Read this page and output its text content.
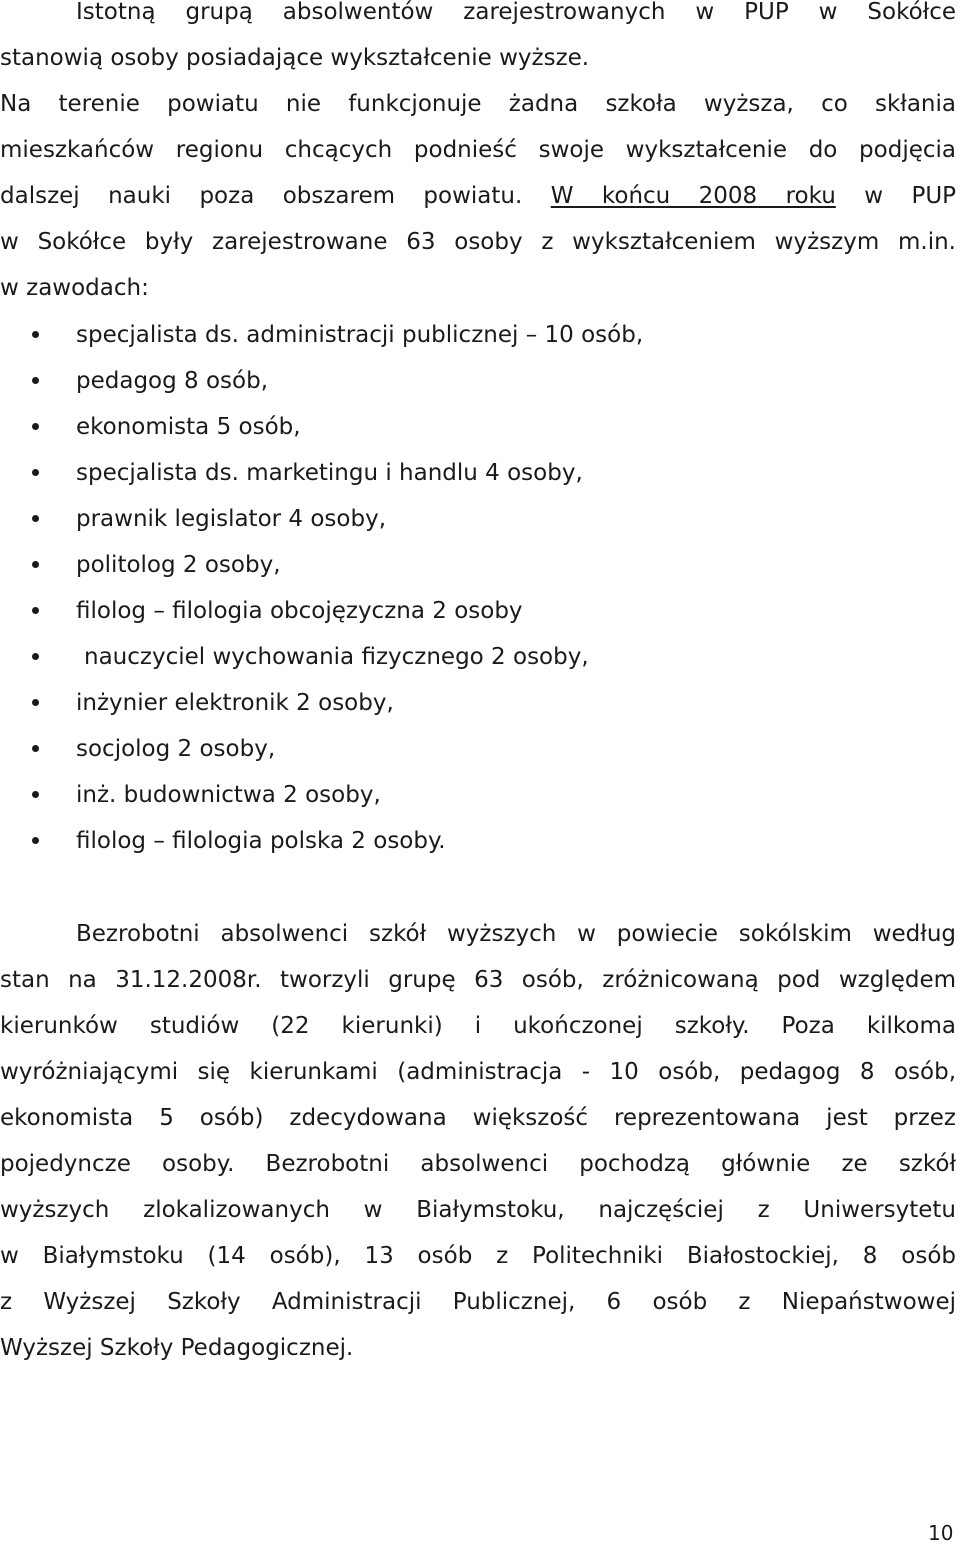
Istotną grupą absolwentów zarejestrowanych w PUP w Sokółce
stanowią osoby posiadające wykształcenie wyższe.
Na terenie powiatu nie funkcjonuje żadna szkoła wyższa, co skłania
mieszkańców regionu chcących podnieść swoje wykształcenie do podjęcia
dalszej nauki poza obszarem powiatu. W końcu 2008 roku w PUP
w Sokółce były zarejestrowane 63 osoby z wykształceniem wyższym m.in.
w zawodach:
specjalista ds. administracji publicznej – 10 osób,
pedagog 8 osób,
ekonomista 5 osób,
specjalista ds. marketingu i handlu 4 osoby,
prawnik legislator 4 osoby,
politolog 2 osoby,
filolog – filologia obcojęzyczna 2 osoby
nauczyciel wychowania fizycznego 2 osoby,
inżynier elektronik 2 osoby,
socjolog 2 osoby,
inż. budownictwa 2 osoby,
filolog – filologia polska 2 osoby.
Bezrobotni absolwenci szkół wyższych w powiecie sokólskim według
stan na 31.12.2008r. tworzyli grupę 63 osób, zróżnicowaną pod względem
kierunków studiów (22 kierunki) i ukończonej szkoły. Poza kilkoma
wyróżniającymi się kierunkami (administracja - 10 osób, pedagog 8 osób,
ekonomista 5 osób) zdecydowana większość reprezentowana jest przez
pojedyncze osoby. Bezrobotni absolwenci pochodzą głównie ze szkół
wyższych zlokalizowanych w Białymstoku, najczęściej z Uniwersytetu
w Białymstoku (14 osób), 13 osób z Politechniki Białostockiej, 8 osób
z Wyższej Szkoły Administracji Publicznej, 6 osób z Niepaństwowej
Wyższej Szkoły Pedagogicznej.
10
